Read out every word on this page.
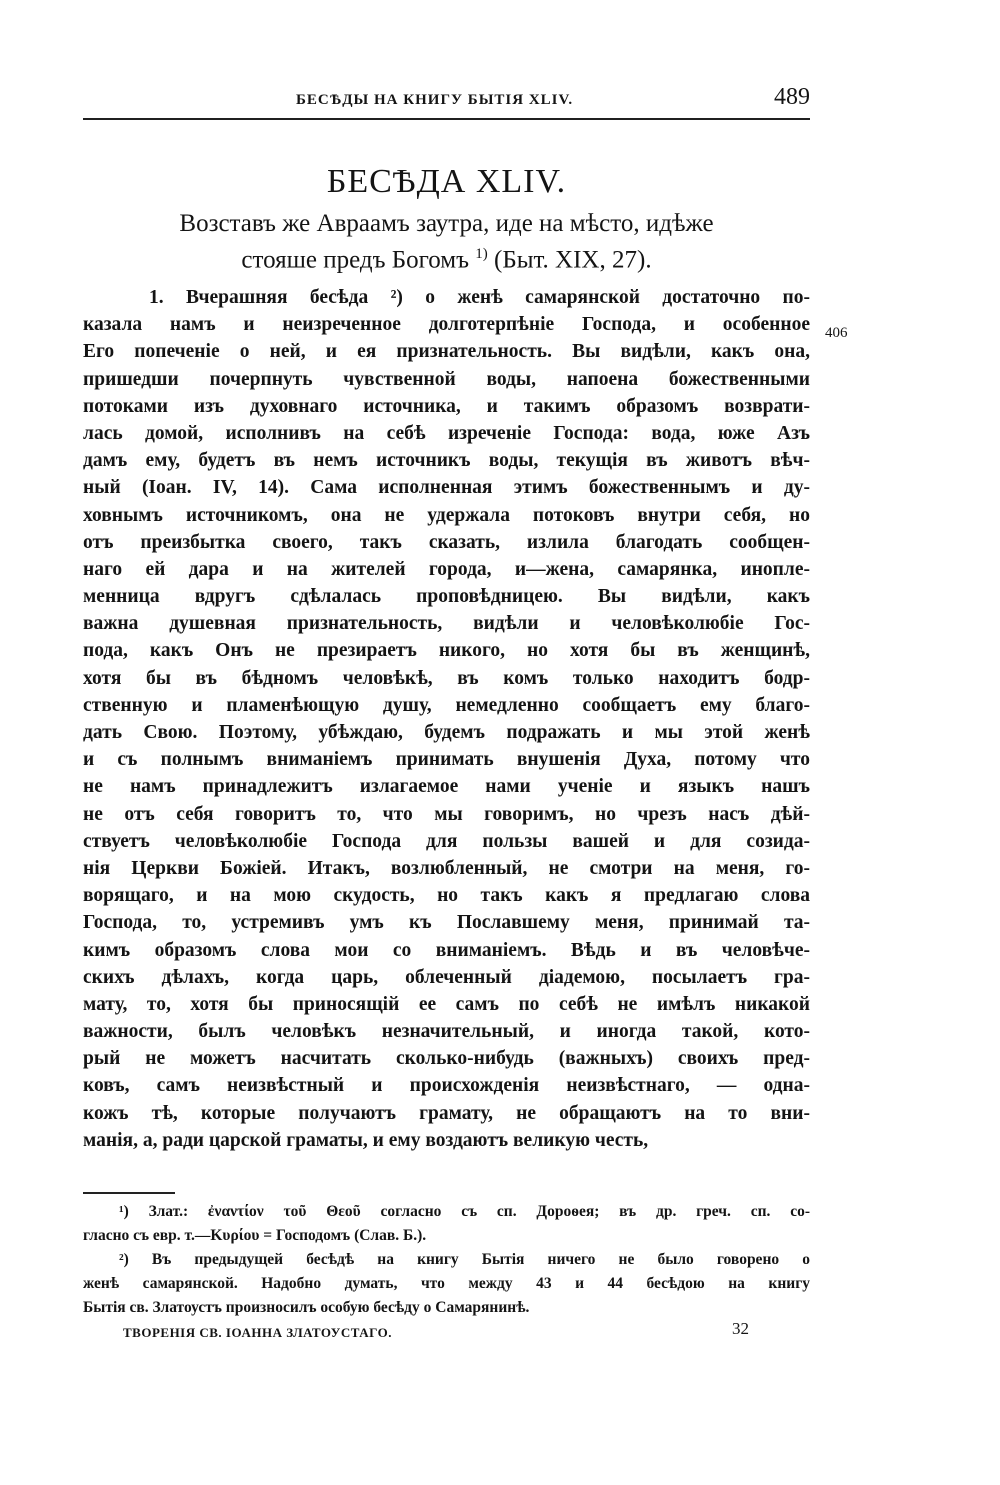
БЕСѢДЫ НА КНИГУ БЫТІЯ XLIV.	489
БЕСѢДА XLIV.
Возставъ же Авраамъ заутра, иде на мѣсто, идѣже
стояше предъ Богомъ $^{1)}$ (Быт. XIX, 27).
406
1. Вчерашняя бесѣда ²) о женѣ самарянской достаточно по-
казала намъ и неизреченное долготерпѣніе Господа, и особенное
Его попеченіе о ней, и ея признательность. Вы видѣли, какъ она,
пришедши почерпнуть чувственной воды, напоена божественными
потоками изъ духовнаго источника, и такимъ образомъ возврати-
лась домой, исполнивъ на себѣ изреченіе Господа: вода, юже Азъ
дамъ ему, будетъ въ немъ источникъ воды, текущія въ животъ вѣч-
ный (Іоан. IV, 14). Сама исполненная этимъ божественнымъ и ду-
ховнымъ источникомъ, она не удержала потоковъ внутри себя, но
отъ преизбытка своего, такъ сказать, излила благодать сообщен-
наго ей дара и на жителей города, и—жена, самарянка, иноплe-
менница вдругъ сдѣлалась проповѣдницею. Вы видѣли, какъ
важна душевная признательность, видѣли и человѣколюбіе Гос-
пода, какъ Онъ не презираетъ никого, но хотя бы въ женщинѣ,
хотя бы въ бѣдномъ человѣкѣ, въ комъ только находитъ бодр-
ственную и пламенѣющую душу, немедленно сообщаетъ ему благо-
дать Свою. Поэтому, убѣждаю, будемъ подражать и мы этой женѣ
и съ полнымъ вниманіемъ принимать внушенія Духа, потому что
не намъ принадлежитъ излагаемое нами ученіе и языкъ нашъ
не отъ себя говоритъ то, что мы говоримъ, но чрезъ насъ дѣй-
ствуетъ человѣколюбіе Господа для пользы вашей и для созида-
нія Церкви Божіей. Итакъ, возлюбленный, не смотри на меня, го-
ворящаго, и на мою скудость, но такъ какъ я предлагаю слова
Господа, то, устремивъ умъ къ Пославшему меня, принимай та-
кимъ образомъ слова мои со вниманіемъ. Вѣдь и въ человѣче-
скихъ дѣлахъ, когда царь, облеченный діадемою, посылаетъ гра-
мату, то, хотя бы приносящій ее самъ по себѣ не имѣлъ никакой
важности, былъ человѣкъ незначительный, и иногда такой, кото-
рый не можетъ насчитать сколько-нибудь (важныхъ) своихъ пред-
ковъ, самъ неизвѣстный и происхожденія неизвѣстнаго, — одна-
кожъ тѣ, которые получаютъ грамату, не обращаютъ на то вни-
манія, а, ради царской граматы, и ему воздаютъ великую честь,
¹) Злат.: ἐναντίον τοῦ Θεοῦ согласно съ сп. Дороѳея; въ др. греч. сп. со-
гласно съ евр. т.—Κυρίου = Господомъ (Слав. Б.).
²) Въ предыдущей бесѣдѣ на книгу Бытія ничего не было говорено о
женѣ самарянской. Надобно думать, что между 43 и 44 бесѣдою на книгу
Бытія св. Златоустъ произносилъ особую бесѣду о Самарянинѣ.
ТВОРЕНІЯ СВ. ІОАННА ЗЛАТОУСТАГО.	32
